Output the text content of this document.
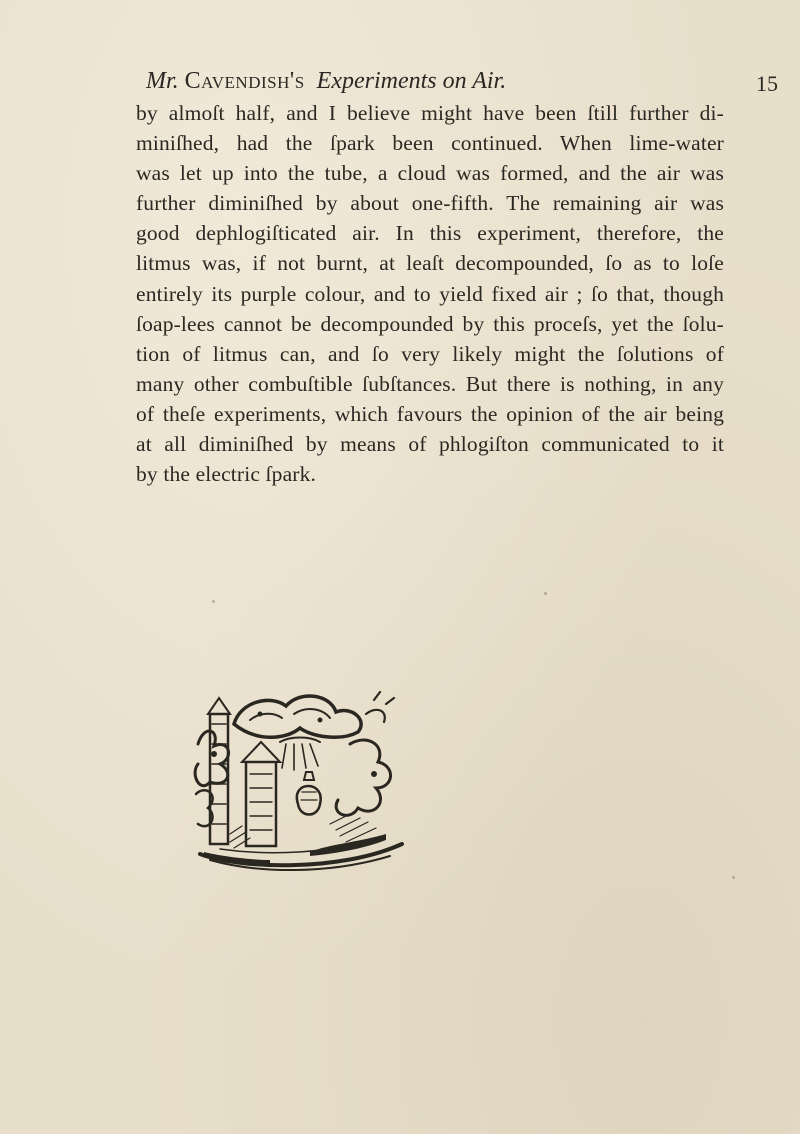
Mr. Cavendish's Experiments on Air.	15
by almoſt half, and I believe might have been ſtill further di-
miniſhed, had the ſpark been continued. When lime-water
was let up into the tube, a cloud was formed, and the air was
further diminiſhed by about one-fifth. The remaining air was
good dephlogiſticated air. In this experiment, therefore, the
litmus was, if not burnt, at leaſt decompounded, ſo as to loſe
entirely its purple colour, and to yield fixed air ; ſo that, though
ſoap-lees cannot be decompounded by this proceſs, yet the ſolu-
tion of litmus can, and ſo very likely might the ſolutions of
many other combuſtible ſubſtances. But there is nothing, in any
of theſe experiments, which favours the opinion of the air being
at all diminiſhed by means of phlogiſton communicated to it
by the electric ſpark.
